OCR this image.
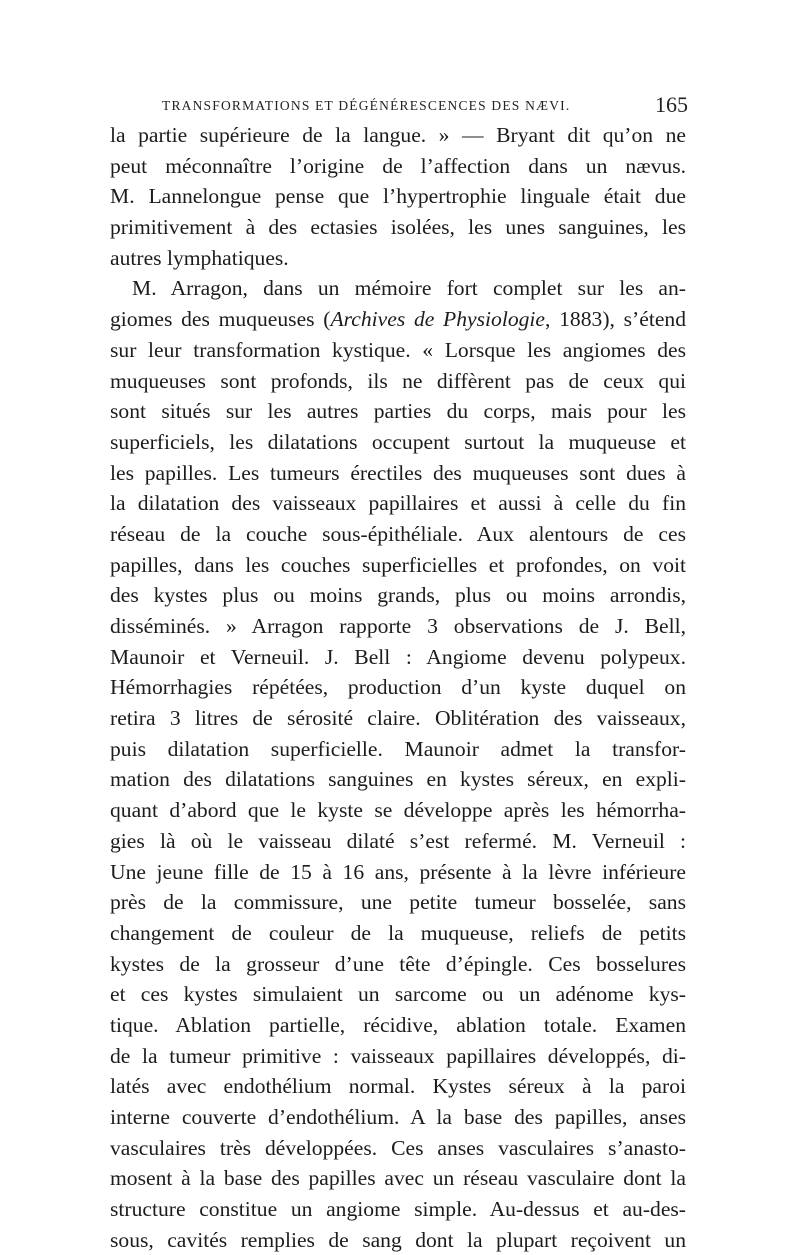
TRANSFORMATIONS ET DÉGÉNÉRESCENCES DES NÆVI.	165
la partie supérieure de la langue. » — Bryant dit qu’on ne
peut méconnaître l’origine de l’affection dans un nævus.
M. Lannelongue pense que l’hypertrophie linguale était due
primitivement à des ectasies isolées, les unes sanguines, les
autres lymphatiques.
M. Arragon, dans un mémoire fort complet sur les an-
giomes des muqueuses (Archives de Physiologie, 1883), s’étend
sur leur transformation kystique. « Lorsque les angiomes des
muqueuses sont profonds, ils ne diffèrent pas de ceux qui
sont situés sur les autres parties du corps, mais pour les
superficiels, les dilatations occupent surtout la muqueuse et
les papilles. Les tumeurs érectiles des muqueuses sont dues à
la dilatation des vaisseaux papillaires et aussi à celle du fin
réseau de la couche sous-épithéliale. Aux alentours de ces
papilles, dans les couches superficielles et profondes, on voit
des kystes plus ou moins grands, plus ou moins arrondis,
disséminés. » Arragon rapporte 3 observations de J. Bell,
Maunoir et Verneuil. J. Bell : Angiome devenu polypeux.
Hémorrhagies répétées, production d’un kyste duquel on
retira 3 litres de sérosité claire. Oblitération des vaisseaux,
puis dilatation superficielle. Maunoir admet la transfor-
mation des dilatations sanguines en kystes séreux, en expli-
quant d’abord que le kyste se développe après les hémorrha-
gies là où le vaisseau dilaté s’est refermé. M. Verneuil :
Une jeune fille de 15 à 16 ans, présente à la lèvre inférieure
près de la commissure, une petite tumeur bosselée, sans
changement de couleur de la muqueuse, reliefs de petits
kystes de la grosseur d’une tête d’épingle. Ces bosselures
et ces kystes simulaient un sarcome ou un adénome kys-
tique. Ablation partielle, récidive, ablation totale. Examen
de la tumeur primitive : vaisseaux papillaires développés, di-
latés avec endothélium normal. Kystes séreux à la paroi
interne couverte d’endothélium. A la base des papilles, anses
vasculaires très développées. Ces anses vasculaires s’anasto-
mosent à la base des papilles avec un réseau vasculaire dont la
structure constitue un angiome simple. Au-dessus et au-des-
sous, cavités remplies de sang dont la plupart reçoivent un
